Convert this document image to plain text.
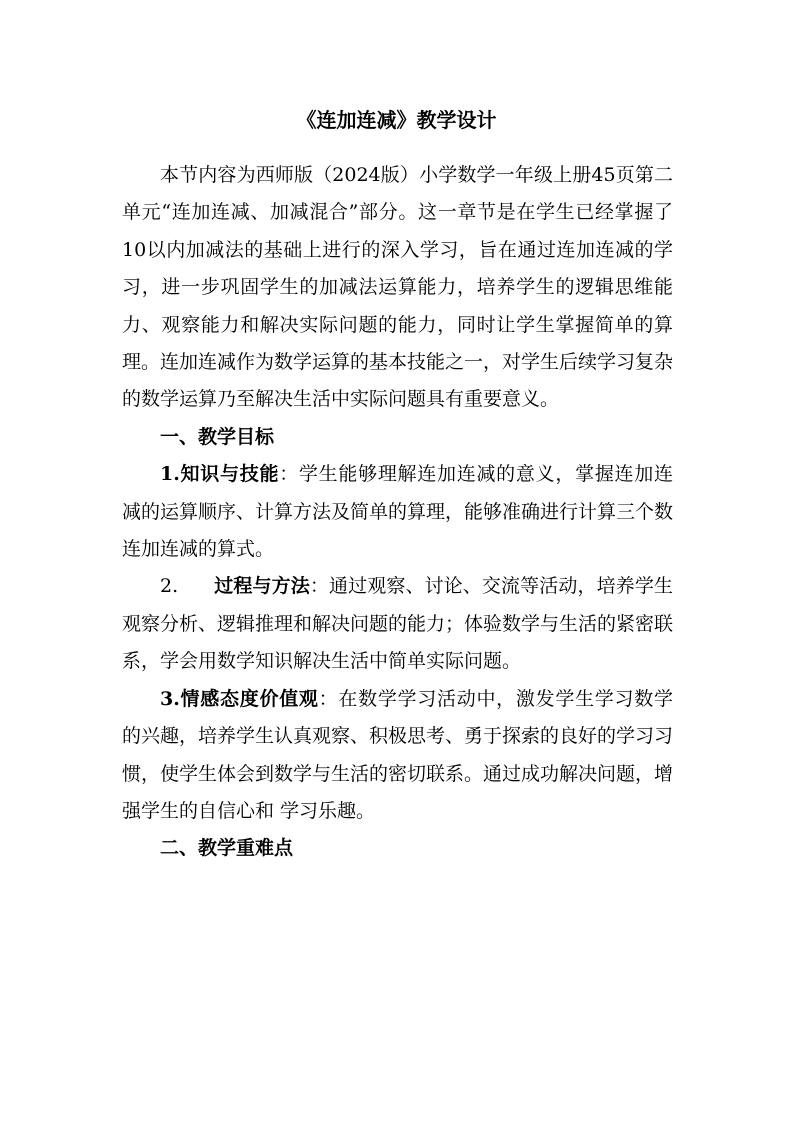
《连加连减》教学设计

本节内容为西师版（2024版）小学数学一年级上册45页第二单元“连加连减、加减混合”部分。这一章节是在学生已经掌握了10以内加减法的基础上进行的深入学习，旨在通过连加连减的学习，进一步巩固学生的加减法运算能力，培养学生的逻辑思维能力、观察能力和解决实际问题的能力，同时让学生掌握简单的算理。连加连减作为数学运算的基本技能之一，对学生后续学习复杂的数学运算乃至解决生活中实际问题具有重要意义。

一、教学目标

1.知识与技能：学生能够理解连加连减的意义，掌握连加连减的运算顺序、计算方法及简单的算理，能够准确进行计算三个数连加连减的算式。

2. 过程与方法：通过观察、讨论、交流等活动，培养学生观察分析、逻辑推理和解决问题的能力；体验数学与生活的紧密联系，学会用数学知识解决生活中简单实际问题。

3.情感态度价值观：在数学学习活动中，激发学生学习数学的兴趣，培养学生认真观察、积极思考、勇于探索的良好的学习习惯，使学生体会到数学与生活的密切联系。通过成功解决问题，增强学生的自信心和 学习乐趣。

二、教学重难点
